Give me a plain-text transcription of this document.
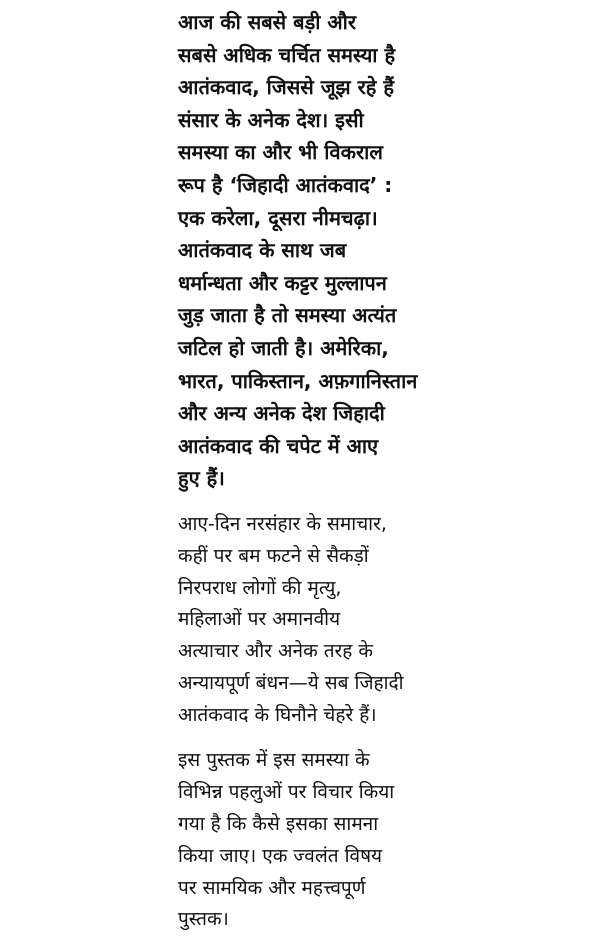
आज की सबसे बड़ी और
सबसे अधिक चर्चित समस्या है
आतंकवाद, जिससे जूझ रहे हैं
संसार के अनेक देश। इसी
समस्या का और भी विकराल
रूप है ‘जिहादी आतंकवाद’ :
एक करेला, दूसरा नीमचढ़ा।
आतंकवाद के साथ जब
धर्मान्धता और कट्टर मुल्लापन
जुड़ जाता है तो समस्या अत्यंत
जटिल हो जाती है। अमेरिका,
भारत, पाकिस्तान, अफ़गानिस्तान
और अन्य अनेक देश जिहादी
आतंकवाद की चपेट में आए
हुए हैं।
आए-दिन नरसंहार के समाचार,
कहीं पर बम फटने से सैकड़ों
निरपराध लोगों की मृत्यु,
महिलाओं पर अमानवीय
अत्याचार और अनेक तरह के
अन्यायपूर्ण बंधन—ये सब जिहादी
आतंकवाद के घिनौने चेहरे हैं।
इस पुस्तक में इस समस्या के
विभिन्न पहलुओं पर विचार किया
गया है कि कैसे इसका सामना
किया जाए। एक ज्वलंत विषय
पर सामयिक और महत्त्वपूर्ण
पुस्तक।
